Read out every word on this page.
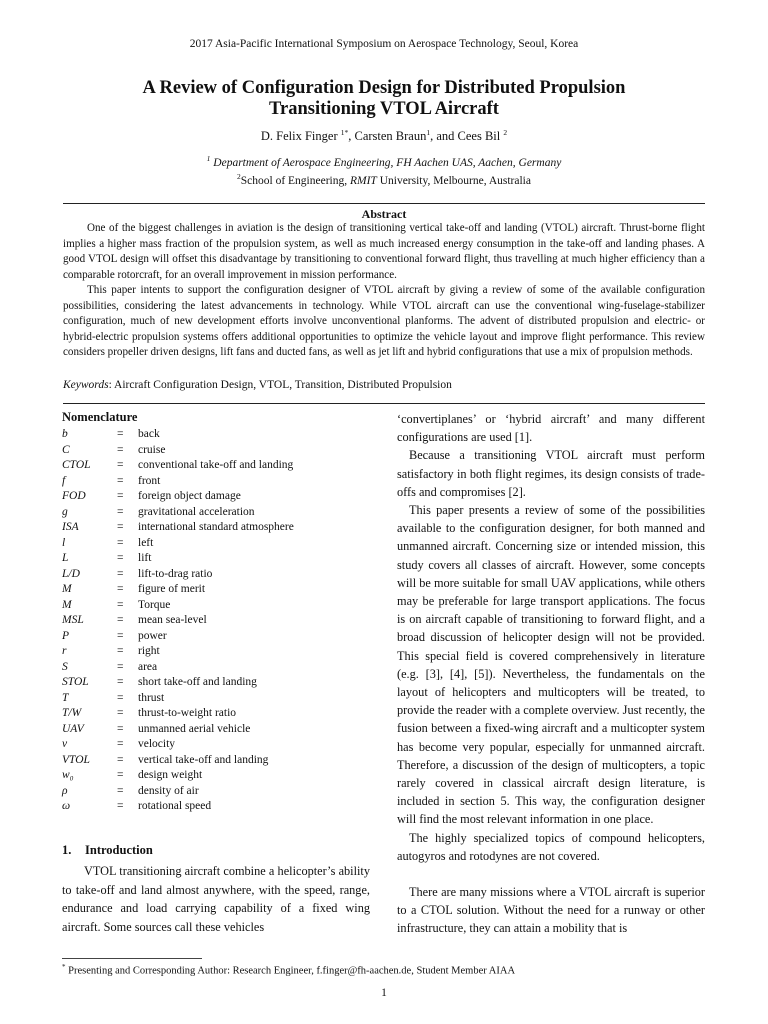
2017 Asia-Pacific International Symposium on Aerospace Technology, Seoul, Korea
A Review of Configuration Design for Distributed Propulsion
Transitioning VTOL Aircraft
D. Felix Finger $^{1*}$, Carsten Braun$^1$, and Cees Bil $^2$
$^1$ Department of Aerospace Engineering, FH Aachen UAS, Aachen, Germany
$^2$School of Engineering, RMIT University, Melbourne, Australia
Abstract

One of the biggest challenges in aviation is the design of transitioning vertical take-off and landing (VTOL) aircraft. Thrust-borne flight implies a higher mass fraction of the propulsion system, as well as much increased energy consumption in the take-off and landing phases. A good VTOL design will offset this disadvantage by transitioning to conventional forward flight, thus travelling at much higher efficiency than a comparable rotorcraft, for an overall improvement in mission performance.

This paper intents to support the configuration designer of VTOL aircraft by giving a review of some of the available configuration possibilities, considering the latest advancements in technology. While VTOL aircraft can use the conventional wing-fuselage-stabilizer configuration, much of new development efforts involve unconventional planforms. The advent of distributed propulsion and electric- or hybrid-electric propulsion systems offers additional opportunities to optimize the vehicle layout and improve flight performance. This review considers propeller driven designs, lift fans and ducted fans, as well as jet lift and hybrid configurations that use a mix of propulsion methods.

Keywords: Aircraft Configuration Design, VTOL, Transition, Distributed Propulsion
Nomenclature
b	=	back
C	=	cruise
CTOL	=	conventional take-off and landing
f	=	front
FOD	=	foreign object damage
g	=	gravitational acceleration
ISA	=	international standard atmosphere
l	=	left
L	=	lift
L/D	=	lift-to-drag ratio
M	=	figure of merit
M	=	Torque
MSL	=	mean sea-level
P	=	power
r	=	right
S	=	area
STOL	=	short take-off and landing
T	=	thrust
T/W	=	thrust-to-weight ratio
UAV	=	unmanned aerial vehicle
v	=	velocity
VTOL	=	vertical take-off and landing
w₀	=	design weight
ρ	=	density of air
ω	=	rotational speed
1. Introduction

VTOL transitioning aircraft combine a helicopter’s ability to take-off and land almost anywhere, with the speed, range, endurance and load carrying capability of a fixed wing aircraft. Some sources call these vehicles

‘convertiplanes’ or ‘hybrid aircraft’ and many different configurations are used [1].

Because a transitioning VTOL aircraft must perform satisfactory in both flight regimes, its design consists of trade-offs and compromises [2].

This paper presents a review of some of the possibilities available to the configuration designer, for both manned and unmanned aircraft. Concerning size or intended mission, this study covers all classes of aircraft. However, some concepts will be more suitable for small UAV applications, while others may be preferable for large transport applications. The focus is on aircraft capable of transitioning to forward flight, and a broad discussion of helicopter design will not be provided. This special field is covered comprehensively in literature (e.g. [3], [4], [5]). Nevertheless, the fundamentals on the layout of helicopters and multicopters will be treated, to provide the reader with a complete overview. Just recently, the fusion between a fixed-wing aircraft and a multicopter system has become very popular, especially for unmanned aircraft. Therefore, a discussion of the design of multicopters, a topic rarely covered in classical aircraft design literature, is included in section 5. This way, the configuration designer will find the most relevant information in one place.

The highly specialized topics of compound helicopters, autogyros and rotodynes are not covered.

There are many missions where a VTOL aircraft is superior to a CTOL solution. Without the need for a runway or other infrastructure, they can attain a mobility that is

* Presenting and Corresponding Author: Research Engineer, f.finger@fh-aachen.de, Student Member AIAA
1
